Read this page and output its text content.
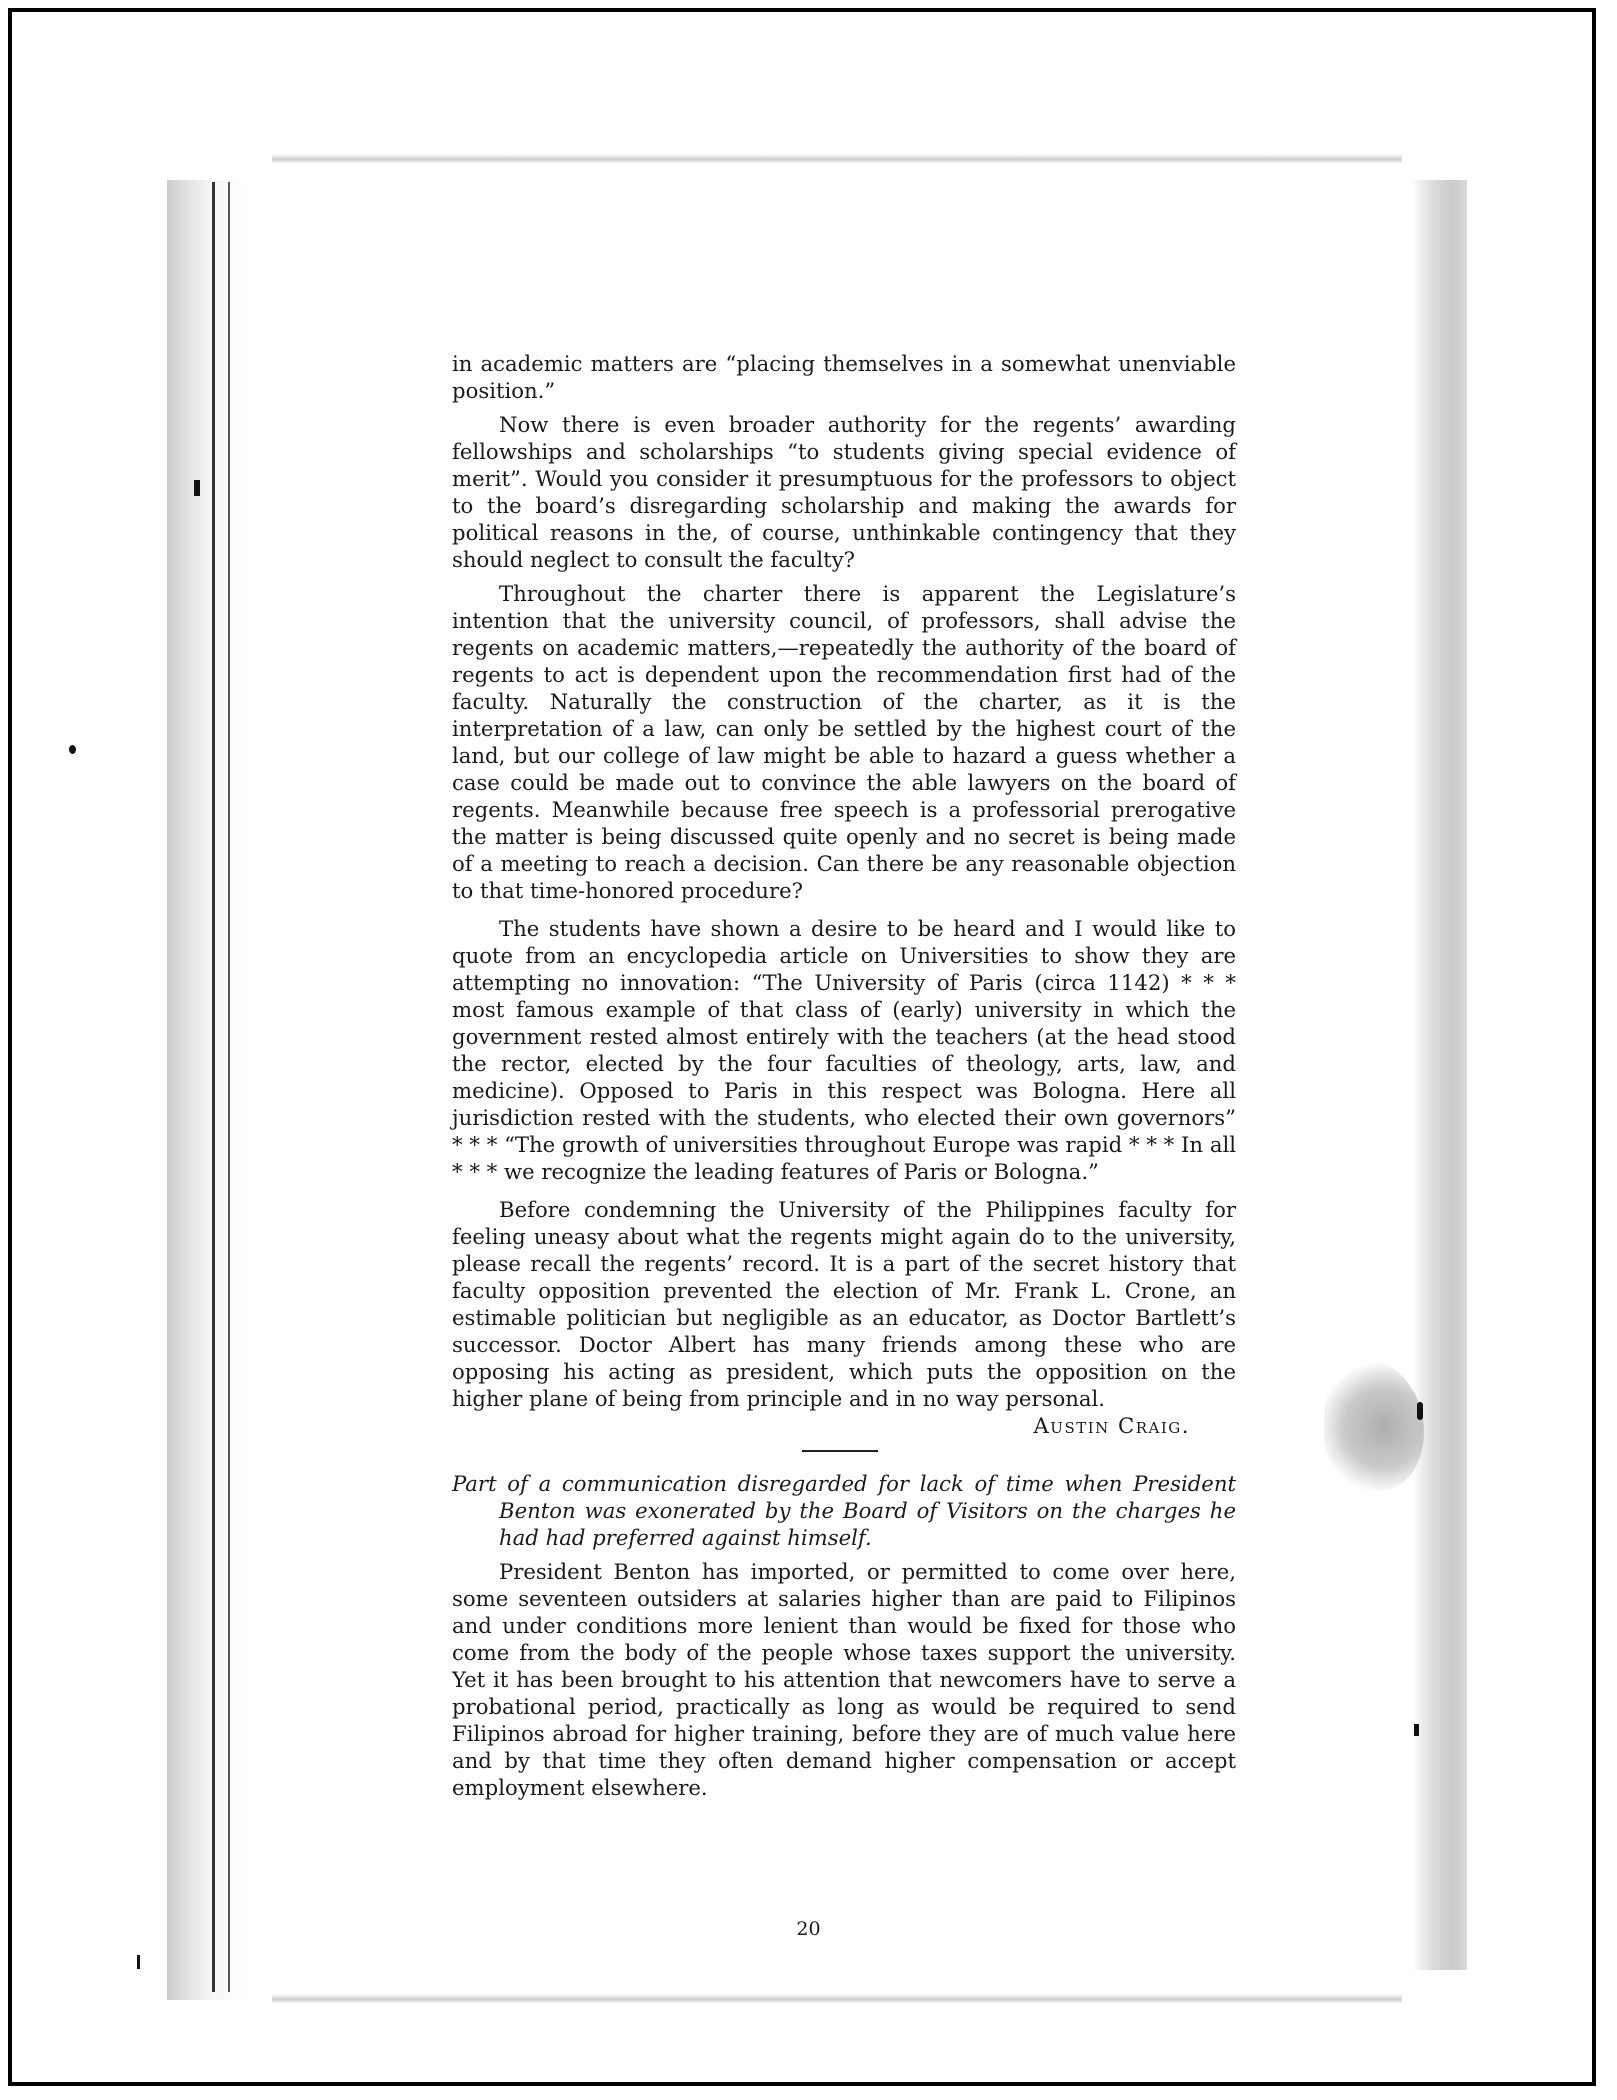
in academic matters are “placing themselves in a somewhat unenviable position.”

Now there is even broader authority for the regents’ awarding fellowships and scholarships “to students giving special evidence of merit”. Would you consider it presumptuous for the professors to object to the board’s disregarding scholarship and making the awards for political reasons in the, of course, unthinkable contingency that they should neglect to consult the faculty?

Throughout the charter there is apparent the Legislature’s intention that the university council, of professors, shall advise the regents on academic matters,—repeatedly the authority of the board of regents to act is dependent upon the recommendation first had of the faculty. Naturally the construction of the charter, as it is the interpretation of a law, can only be settled by the highest court of the land, but our college of law might be able to hazard a guess whether a case could be made out to convince the able lawyers on the board of regents. Meanwhile because free speech is a professorial prerogative the matter is being discussed quite openly and no secret is being made of a meeting to reach a decision. Can there be any reasonable objection to that time-honored procedure?

The students have shown a desire to be heard and I would like to quote from an encyclopedia article on Universities to show they are attempting no innovation: “The University of Paris (circa 1142) * * * most famous example of that class of (early) university in which the government rested almost entirely with the teachers (at the head stood the rector, elected by the four faculties of theology, arts, law, and medicine). Opposed to Paris in this respect was Bologna. Here all jurisdiction rested with the students, who elected their own governors” * * * “The growth of universities throughout Europe was rapid * * * In all * * * we recognize the leading features of Paris or Bologna.”

Before condemning the University of the Philippines faculty for feeling uneasy about what the regents might again do to the university, please recall the regents’ record. It is a part of the secret history that faculty opposition prevented the election of Mr. Frank L. Crone, an estimable politician but negligible as an educator, as Doctor Bartlett’s successor. Doctor Albert has many friends among these who are opposing his acting as president, which puts the opposition on the higher plane of being from principle and in no way personal.

Austin Craig.

Part of a communication disregarded for lack of time when President Benton was exonerated by the Board of Visitors on the charges he had had preferred against himself.

President Benton has imported, or permitted to come over here, some seventeen outsiders at salaries higher than are paid to Filipinos and under conditions more lenient than would be fixed for those who come from the body of the people whose taxes support the university. Yet it has been brought to his attention that newcomers have to serve a probational period, practically as long as would be required to send Filipinos abroad for higher training, before they are of much value here and by that time they often demand higher compensation or accept employment elsewhere.

20
